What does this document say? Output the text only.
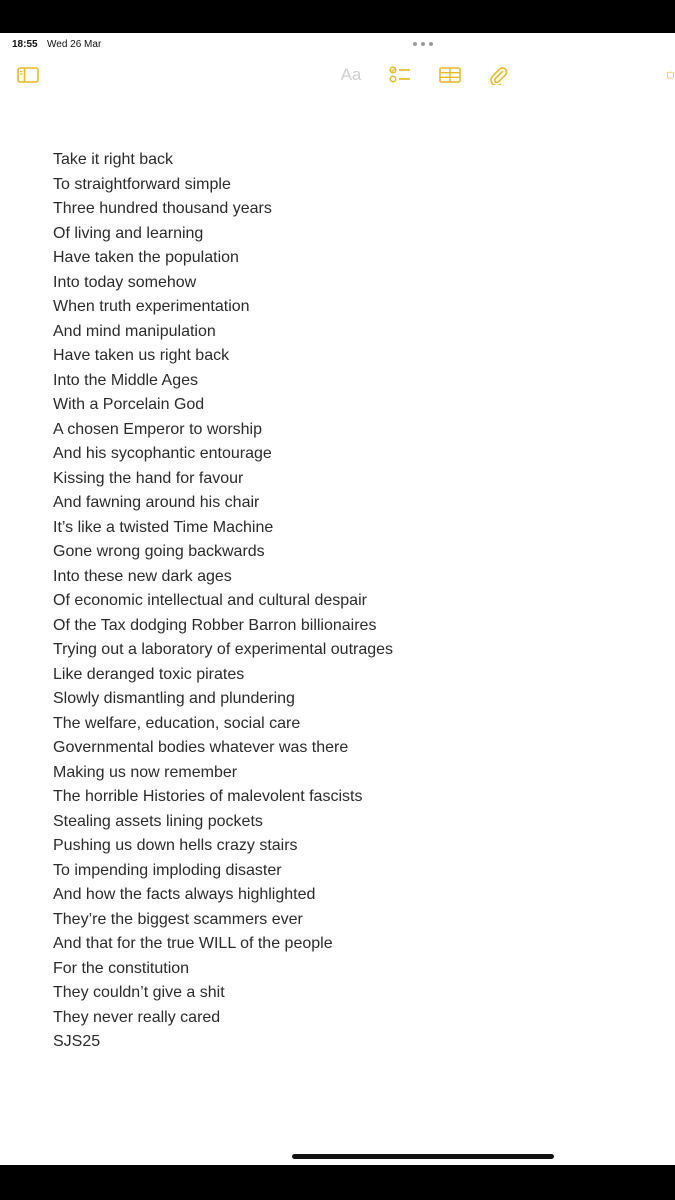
18:55 Wed 26 Mar
Aa
Take it right back
To straightforward simple
Three hundred thousand years
Of living and learning
Have taken the population
Into today somehow
When truth experimentation
And mind manipulation
Have taken us right back
Into the Middle Ages
With a Porcelain God
A chosen Emperor to worship
And his sycophantic entourage
Kissing the hand for favour
And fawning around his chair
It’s like a twisted Time Machine
Gone wrong going backwards
Into these new dark ages
Of economic intellectual and cultural despair
Of the Tax dodging Robber Barron billionaires
Trying out a laboratory of experimental outrages
Like deranged toxic pirates
Slowly dismantling and plundering
The welfare, education, social care
Governmental bodies whatever was there
Making us now remember
The horrible Histories of malevolent fascists
Stealing assets lining pockets
Pushing us down hells crazy stairs
To impending imploding disaster
And how the facts always highlighted
They’re the biggest scammers ever
And that for the true WILL of the people
For the constitution
They couldn’t give a shit
They never really cared
SJS25
